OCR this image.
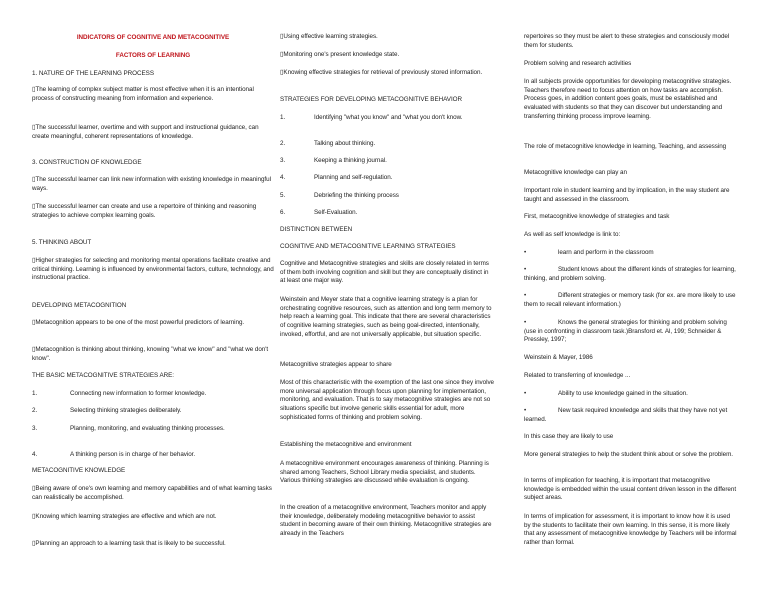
INDICATORS OF COGNITIVE AND METACOGNITIVE

FACTORS OF LEARNING

1. NATURE OF THE LEARNING PROCESS

▯The learning of complex subject matter is most effective when it is an intentional process of constructing meaning from information and experience.

▯The successful learner, overtime and with support and instructional guidance, can create meaningful, coherent representations of knowledge.

3. CONSTRUCTION OF KNOWLEDGE

▯The successful learner can link new information with existing knowledge in meaningful ways.

▯The successful learner can create and use a repertoire of thinking and reasoning strategies to achieve complex learning goals.

5. THINKING ABOUT

▯Higher strategies for selecting and monitoring mental operations facilitate creative and critical thinking. Learning is influenced by environmental factors, culture, technology, and instructional practice.

DEVELOPING METACOGNITION

▯Metacognition appears to be one of the most powerful predictors of learning.

▯Metacognition is thinking about thinking, knowing "what we know" and "what we don't know".

THE BASIC METACOGNITIVE STRATEGIES ARE:

1.	Connecting new information to former knowledge.

2.	Selecting thinking strategies deliberately.

3.	Planning, monitoring, and evaluating thinking processes.

4.	A thinking person is in charge of her behavior.

METACOGNITIVE KNOWLEDGE

▯Being aware of one's own learning and memory capabilities and of what learning tasks can realistically be accomplished.

▯Knowing which learning strategies are effective and which are not.

▯Planning an approach to a learning task that is likely to be successful.

▯Using effective learning strategies.

▯Monitoring one's present knowledge state.

▯Knowing effective strategies for retrieval of previously stored information.

STRATEGIES FOR DEVELOPING METACOGNITIVE BEHAVIOR

1.	Identifying "what you know" and "what you don't know.

2.	Talking about thinking.

3.	Keeping a thinking journal.

4.	Planning and self-regulation.

5.	Debriefing the thinking process

6.	Self-Evaluation.

DISTINCTION BETWEEN

COGNITIVE AND METACOGNITIVE LEARNING STRATEGIES

Cognitive and Metacognitive strategies and skills are closely related in terms of them both involving cognition and skill but they are conceptually distinct in at least one major way.

Weinstein and Meyer state that a cognitive learning strategy is a plan for orchestrating cognitive resources, such as attention and long term memory to help reach a learning goal. This indicate that there are several characteristics of cognitive learning strategies, such as being goal-directed, intentionally, invoked, effortful, and are not universally applicable, but situation specific.

Metacognitive strategies appear to share

Most of this characteristic with the exemption of the last one since they involve more universal application through focus upon planning for implementation, monitoring, and evaluation. That is to say metacognitive strategies are not so situations specific but involve generic skills essential for adult, more sophisticated forms of thinking and problem solving.

Establishing the metacognitive and environment

A metacognitive environment encourages awareness of thinking. Planning is shared among Teachers, School Library media specialist, and students. Various thinking strategies are discussed while evaluation is ongoing.

In the creation of a metacognitive environment, Teachers monitor and apply their knowledge, deliberately modeling metacognitive behavior to assist student in becoming aware of their own thinking. Metacognitive strategies are already in the Teachers

repertoires so they must be alert to these strategies and consciously model them for students.

Problem solving and research activities

In all subjects provide opportunities for developing metacognitive strategies. Teachers therefore need to focus attention on how tasks are accomplish. Process goes, in addition content goes goals, must be established and evaluated with students so that they can discover but understanding and transferring thinking process improve learning.

The role of metacognitive knowledge in learning, Teaching, and assessing

Metacognitive knowledge can play an

Important role in student learning and by implication, in the way student are taught and assessed in the classroom.

First, metacognitive knowledge of strategies and task

As well as self knowledge is link to:

•	learn and perform in the classroom

•	Student knows about the different kinds of strategies for learning, thinking, and problem solving.

•	Different strategies or memory task (for ex. are more likely to use them to recall relevant information.)

•	Knows the general strategies for thinking and problem solving (use in confronting in classroom task.)Bransford et. Al, 199; Schneider & Pressley, 1997;

Weinstein & Mayer, 1986

Related to transferring of knowledge ...

•	Ability to use knowledge gained in the situation.

•	New task required knowledge and skills that they have not yet learned.

In this case they are likely to use

More general strategies to help the student think about or solve the problem.

In terms of implication for teaching, it is important that metacognitive knowledge is embedded within the usual content driven lesson in the different subject areas.

In terms of implication for assessment, it is important to know how it is used by the students to facilitate their own learning. In this sense, it is more likely that any assessment of metacognitive knowledge by Teachers will be informal rather than formal.
